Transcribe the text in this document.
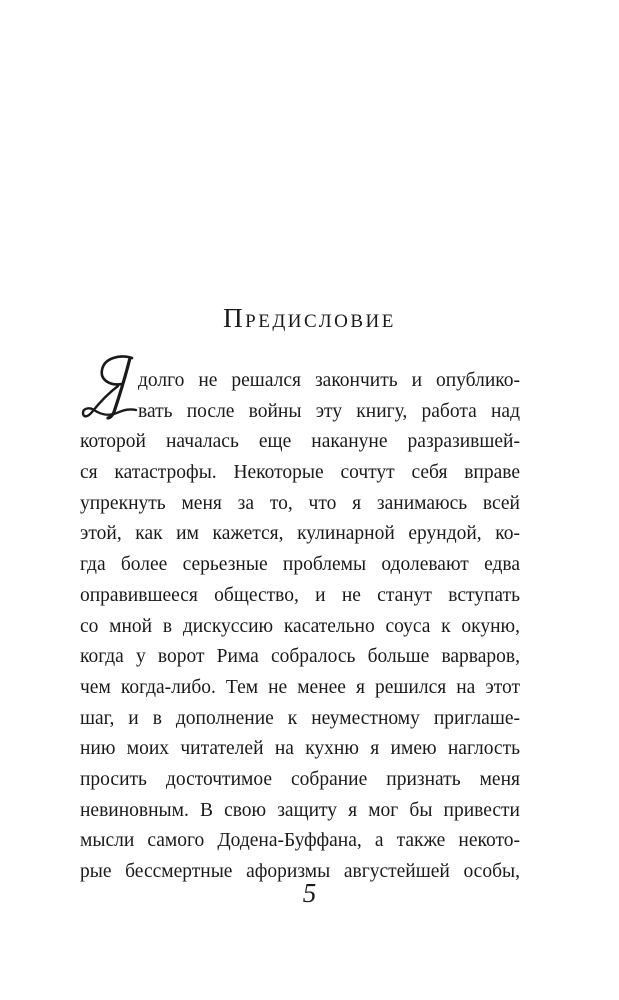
Предисловие
долго не решался закончить и опублико-
вать после войны эту книгу, работа над
которой началась еще накануне разразившей-
ся катастрофы. Некоторые сочтут себя вправе
упрекнуть меня за то, что я занимаюсь всей
этой, как им кажется, кулинарной ерундой, ко-
гда более серьезные проблемы одолевают едва
оправившееся общество, и не станут вступать
со мной в дискуссию касательно соуса к окуню,
когда у ворот Рима собралось больше варваров,
чем когда-либо. Тем не менее я решился на этот
шаг, и в дополнение к неуместному приглаше-
нию моих читателей на кухню я имею наглость
просить досточтимое собрание признать меня
невиновным. В свою защиту я мог бы привести
мысли самого Додена-Буффана, а также некото-
рые бессмертные афоризмы августейшей особы,
5
